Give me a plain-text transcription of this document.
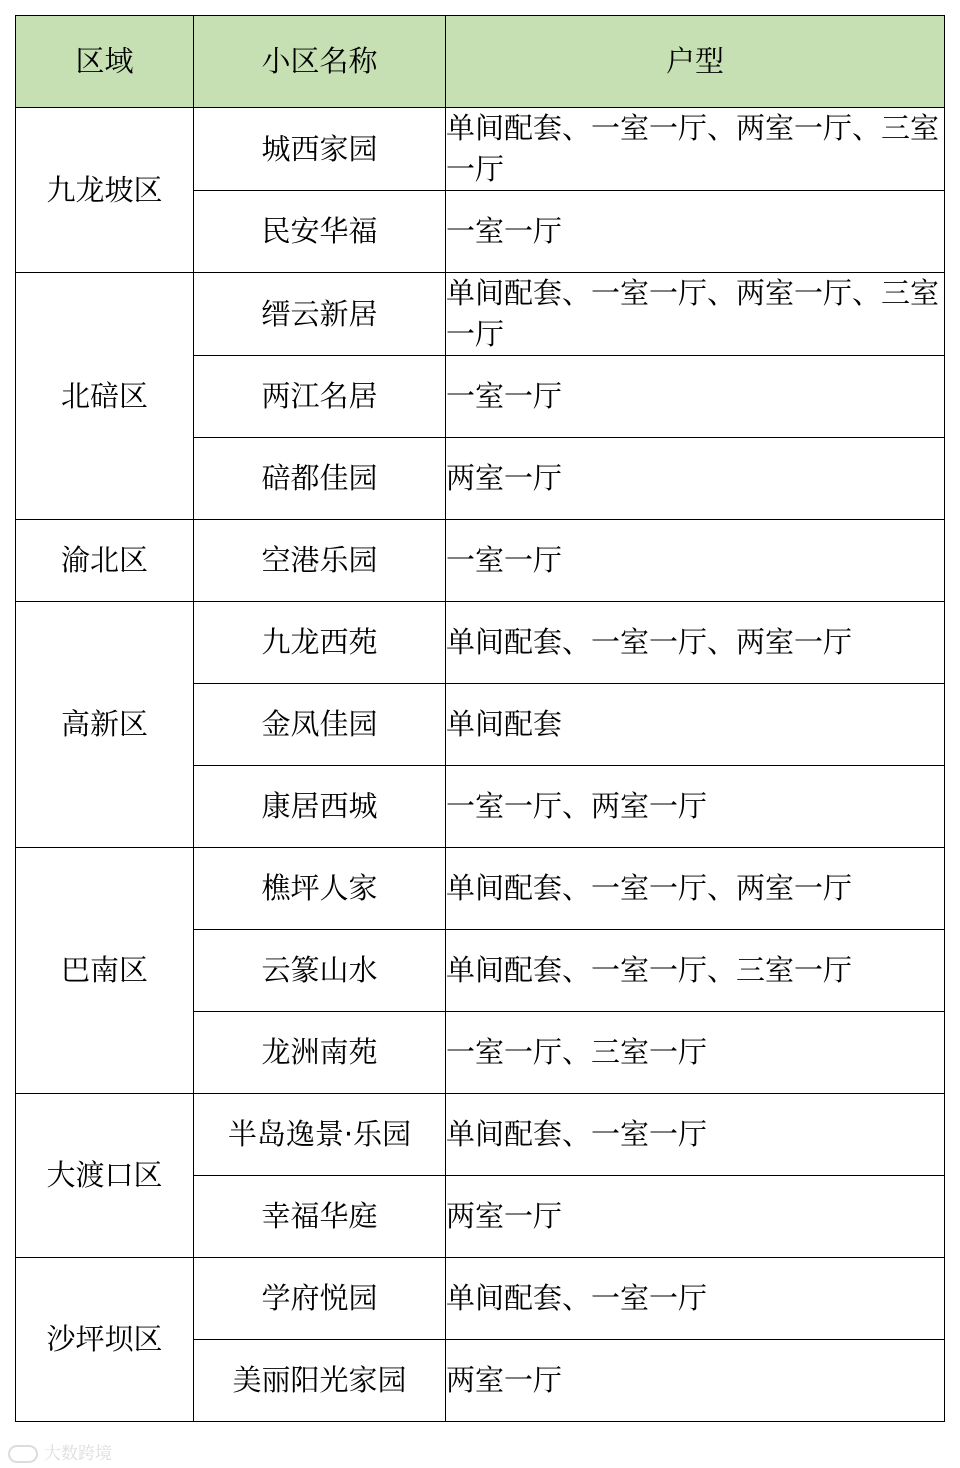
区域	小区名称	户型
九龙坡区	城西家园	单间配套、一室一厅、两室一厅、三室一厅
	民安华福	一室一厅
北碚区	缙云新居	单间配套、一室一厅、两室一厅、三室一厅
	两江名居	一室一厅
	碚都佳园	两室一厅
渝北区	空港乐园	一室一厅
高新区	九龙西苑	单间配套、一室一厅、两室一厅
	金凤佳园	单间配套
	康居西城	一室一厅、两室一厅
巴南区	樵坪人家	单间配套、一室一厅、两室一厅
	云篆山水	单间配套、一室一厅、三室一厅
	龙洲南苑	一室一厅、三室一厅
大渡口区	半岛逸景·乐园	单间配套、一室一厅
	幸福华庭	两室一厅
沙坪坝区	学府悦园	单间配套、一室一厅
	美丽阳光家园	两室一厅
大数跨境
